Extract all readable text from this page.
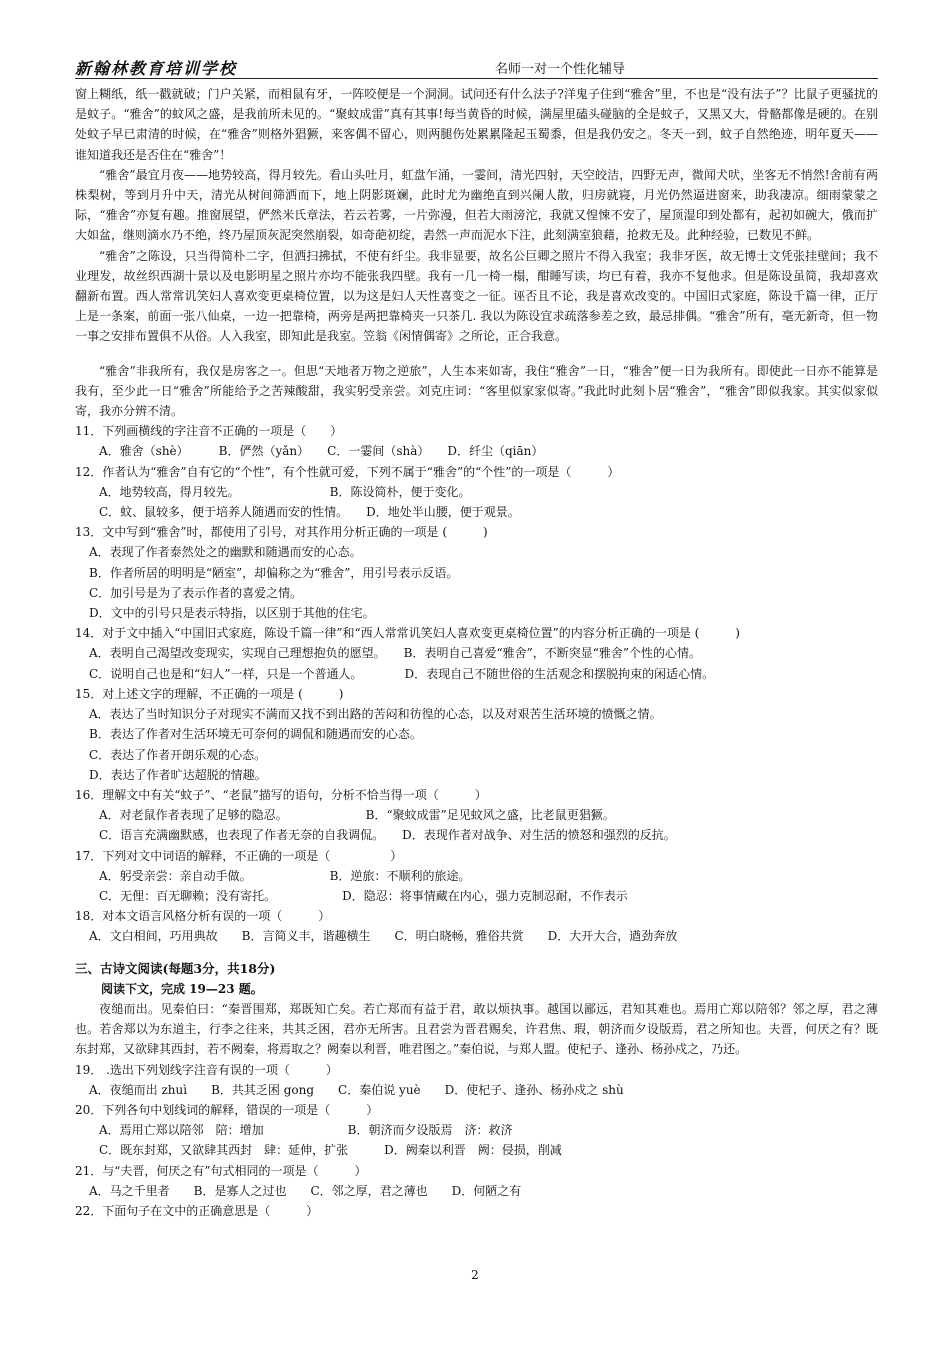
新翰林教育培训学校	名师一对一个性化辅导

窗上糊纸，纸一戳就破；门户关紧，而相鼠有牙，一阵咬便是一个洞洞。试问还有什么法子?洋鬼子住到“雅舍”里，不也是“没有法子”？比鼠子更骚扰的是蚊子。“雅舍”的蚊风之盛，是我前所未见的。“聚蚊成雷”真有其事!每当黄昏的时候，满屋里磕头碰脑的全是蚊子，又黑又大，骨骼都像是硬的。在别处蚊子早已肃清的时候，在“雅舍”则格外猖獗，来客偶不留心，则两腿伤处累累隆起玉蜀黍，但是我仍安之。冬天一到，蚊子自然绝迹，明年夏天——谁知道我还是否住在“雅舍”！

“雅舍”最宜月夜——地势较高，得月较先。看山头吐月，虹盘乍涌，一霎间，清光四射，天空皎洁，四野无声，微闻犬吠，坐客无不悄然!舍前有两株梨树，等到月升中天，清光从树间筛洒而下，地上阴影斑斓，此时尤为幽绝直到兴阑人散，归房就寝，月光仍然逼进窗来，助我凄凉。细雨蒙蒙之际，“雅舍”亦复有趣。推窗展望，俨然米氏章法，若云若雾，一片弥漫，但若大雨滂沱，我就又惶悚不安了，屋顶湿印到处都有，起初如碗大，俄而扩大如盆，继则滴水乃不绝，终乃屋顶灰泥突然崩裂，如奇葩初绽，砉然一声而泥水下注，此刻满室狼藉，抢救无及。此种经验，已数见不鲜。

“雅舍”之陈设，只当得简朴二字，但洒扫拂拭，不使有纤尘。我非显要，故名公巨卿之照片不得入我室；我非牙医，故无博士文凭张挂壁间；我不业理发，故丝织西湖十景以及电影明星之照片亦均不能张我四壁。我有一几一椅一榻，酣睡写读，均已有着，我亦不复他求。但是陈设虽简，我却喜欢翻新布置。西人常常讥笑妇人喜欢变更桌椅位置，以为这是妇人天性喜变之一征。诬否且不论，我是喜欢改变的。中国旧式家庭，陈设千篇一律，正厅上是一条案，前面一张八仙桌，一边一把靠椅，两旁是两把靠椅夹一只茶几. 我以为陈设宜求疏落参差之致，最忌排偶。“雅舍”所有，毫无新奇，但一物一事之安排布置俱不从俗。人入我室，即知此是我室。笠翁《闲情偶寄》之所论，正合我意。

“雅舍”非我所有，我仅是房客之一。但思“天地者万物之逆旅”，人生本来如寄，我住“雅舍”一日，“雅舍”便一日为我所有。即使此一日亦不能算是我有，至少此一日“雅舍”所能给予之苦辣酸甜，我实躬受亲尝。刘克庄词：“客里似家家似寄。”我此时此刻卜居“雅舍”，“雅舍”即似我家。其实似家似寄，我亦分辨不清。

11．下列画横线的字注音不正确的一项是（　　）

A．雅舍（shè）　　　B．俨然（yǎn）　　C．一霎间（shà）　　D．纤尘（qiān）

12．作者认为“雅舍”自有它的“个性”，有个性就可爱，下列不属于“雅舍”的“个性”的一项是（　　　）

A．地势较高，得月较先。　　　　　　　　B．陈设简朴，便于变化。

C．蚊、鼠较多，便于培养人随遇而安的性情。　　D．地处半山腰，便于观景。

13．文中写到“雅舍”时，都使用了引号，对其作用分析正确的一项是 (　　　)

A．表现了作者泰然处之的幽默和随遇而安的心态。

B．作者所居的明明是“陋室”，却偏称之为“雅舍”，用引号表示反语。

C．加引号是为了表示作者的喜爱之情。

D．文中的引号只是表示特指，以区别于其他的住宅。

14．对于文中插入“中国旧式家庭，陈设千篇一律”和“西人常常讥笑妇人喜欢变更桌椅位置”的内容分析正确的一项是 (　　　)

A．表明自己渴望改变现实，实现自己理想抱负的愿望。　　B．表明自己喜爱“雅舍”，不断突显“雅舍”个性的心情。

C．说明自己也是和“妇人”一样，只是一个普通人。　　　　D．表现自己不随世俗的生活观念和摆脱拘束的闲适心情。

15．对上述文字的理解，不正确的一项是 (　　　)

A．表达了当时知识分子对现实不满而又找不到出路的苦闷和彷徨的心态，以及对艰苦生活环境的愤慨之情。

B．表达了作者对生活环境无可奈何的调侃和随遇而安的心态。

C．表达了作者开朗乐观的心态。

D．表达了作者旷达超脱的情趣。

16．理解文中有关“蚊子”、“老鼠”描写的语句，分析不恰当得一项（　　　）

A．对老鼠作者表现了足够的隐忍。　　　　　　　B．“聚蚊成雷”足见蚊风之盛，比老鼠更猖獗。

C．语言充满幽默感，也表现了作者无奈的自我调侃。　　D．表现作者对战争、对生活的愤怒和强烈的反抗。

17．下列对文中词语的解释，不正确的一项是（　　　　　）

A．躬受亲尝：亲自动手做。　　　　　　　B．逆旅：不顺利的旅途。

C．无俚：百无聊赖；没有寄托。　　　　　　D．隐忍：将事情藏在内心，强力克制忍耐，不作表示

18．对本文语言风格分析有误的一项（　　　）

A．文白相间，巧用典故　　B．言简义丰，谐趣横生　　C．明白晓畅，雅俗共赏　　D．大开大合，遒劲奔放

三、古诗文阅读(每题3分，共18分)

阅读下文，完成 19—23 题。

夜缒而出。见秦伯曰：“秦晋围郑，郑既知亡矣。若亡郑而有益于君，敢以烦执事。越国以鄙远，君知其难也。焉用亡郑以陪邻？邻之厚，君之薄也。若舍郑以为东道主，行李之往来，共其乏困，君亦无所害。且君尝为晋君赐矣，许君焦、瑕，朝济而夕设版焉，君之所知也。夫晋，何厌之有？既东封郑，又欲肆其西封，若不阙秦，将焉取之？阙秦以利晋，唯君图之。”秦伯说，与郑人盟。使杞子、逢孙、杨孙戍之，乃还。

19． .选出下列划线字注音有误的一项（　　　）

A．夜缒而出 zhuì　　B．共其乏困 gong　　C．秦伯说 yuè　　D．使杞子、逢孙、杨孙戍之 shù

20．下列各句中划线词的解释，错误的一项是（　　　）

A．焉用亡郑以陪邻　陪：增加　　　　　　　B．朝济而夕设版焉　济：救济

C．既东封郑，又欲肆其西封　肆：延伸，扩张　　　D．阙秦以利晋　阙：侵损，削减

21．与“夫晋，何厌之有”句式相同的一项是（　　　）

A．马之千里者　　B．是寡人之过也　　C．邻之厚，君之薄也　　D．何陋之有

22．下面句子在文中的正确意思是（　　　）

2
